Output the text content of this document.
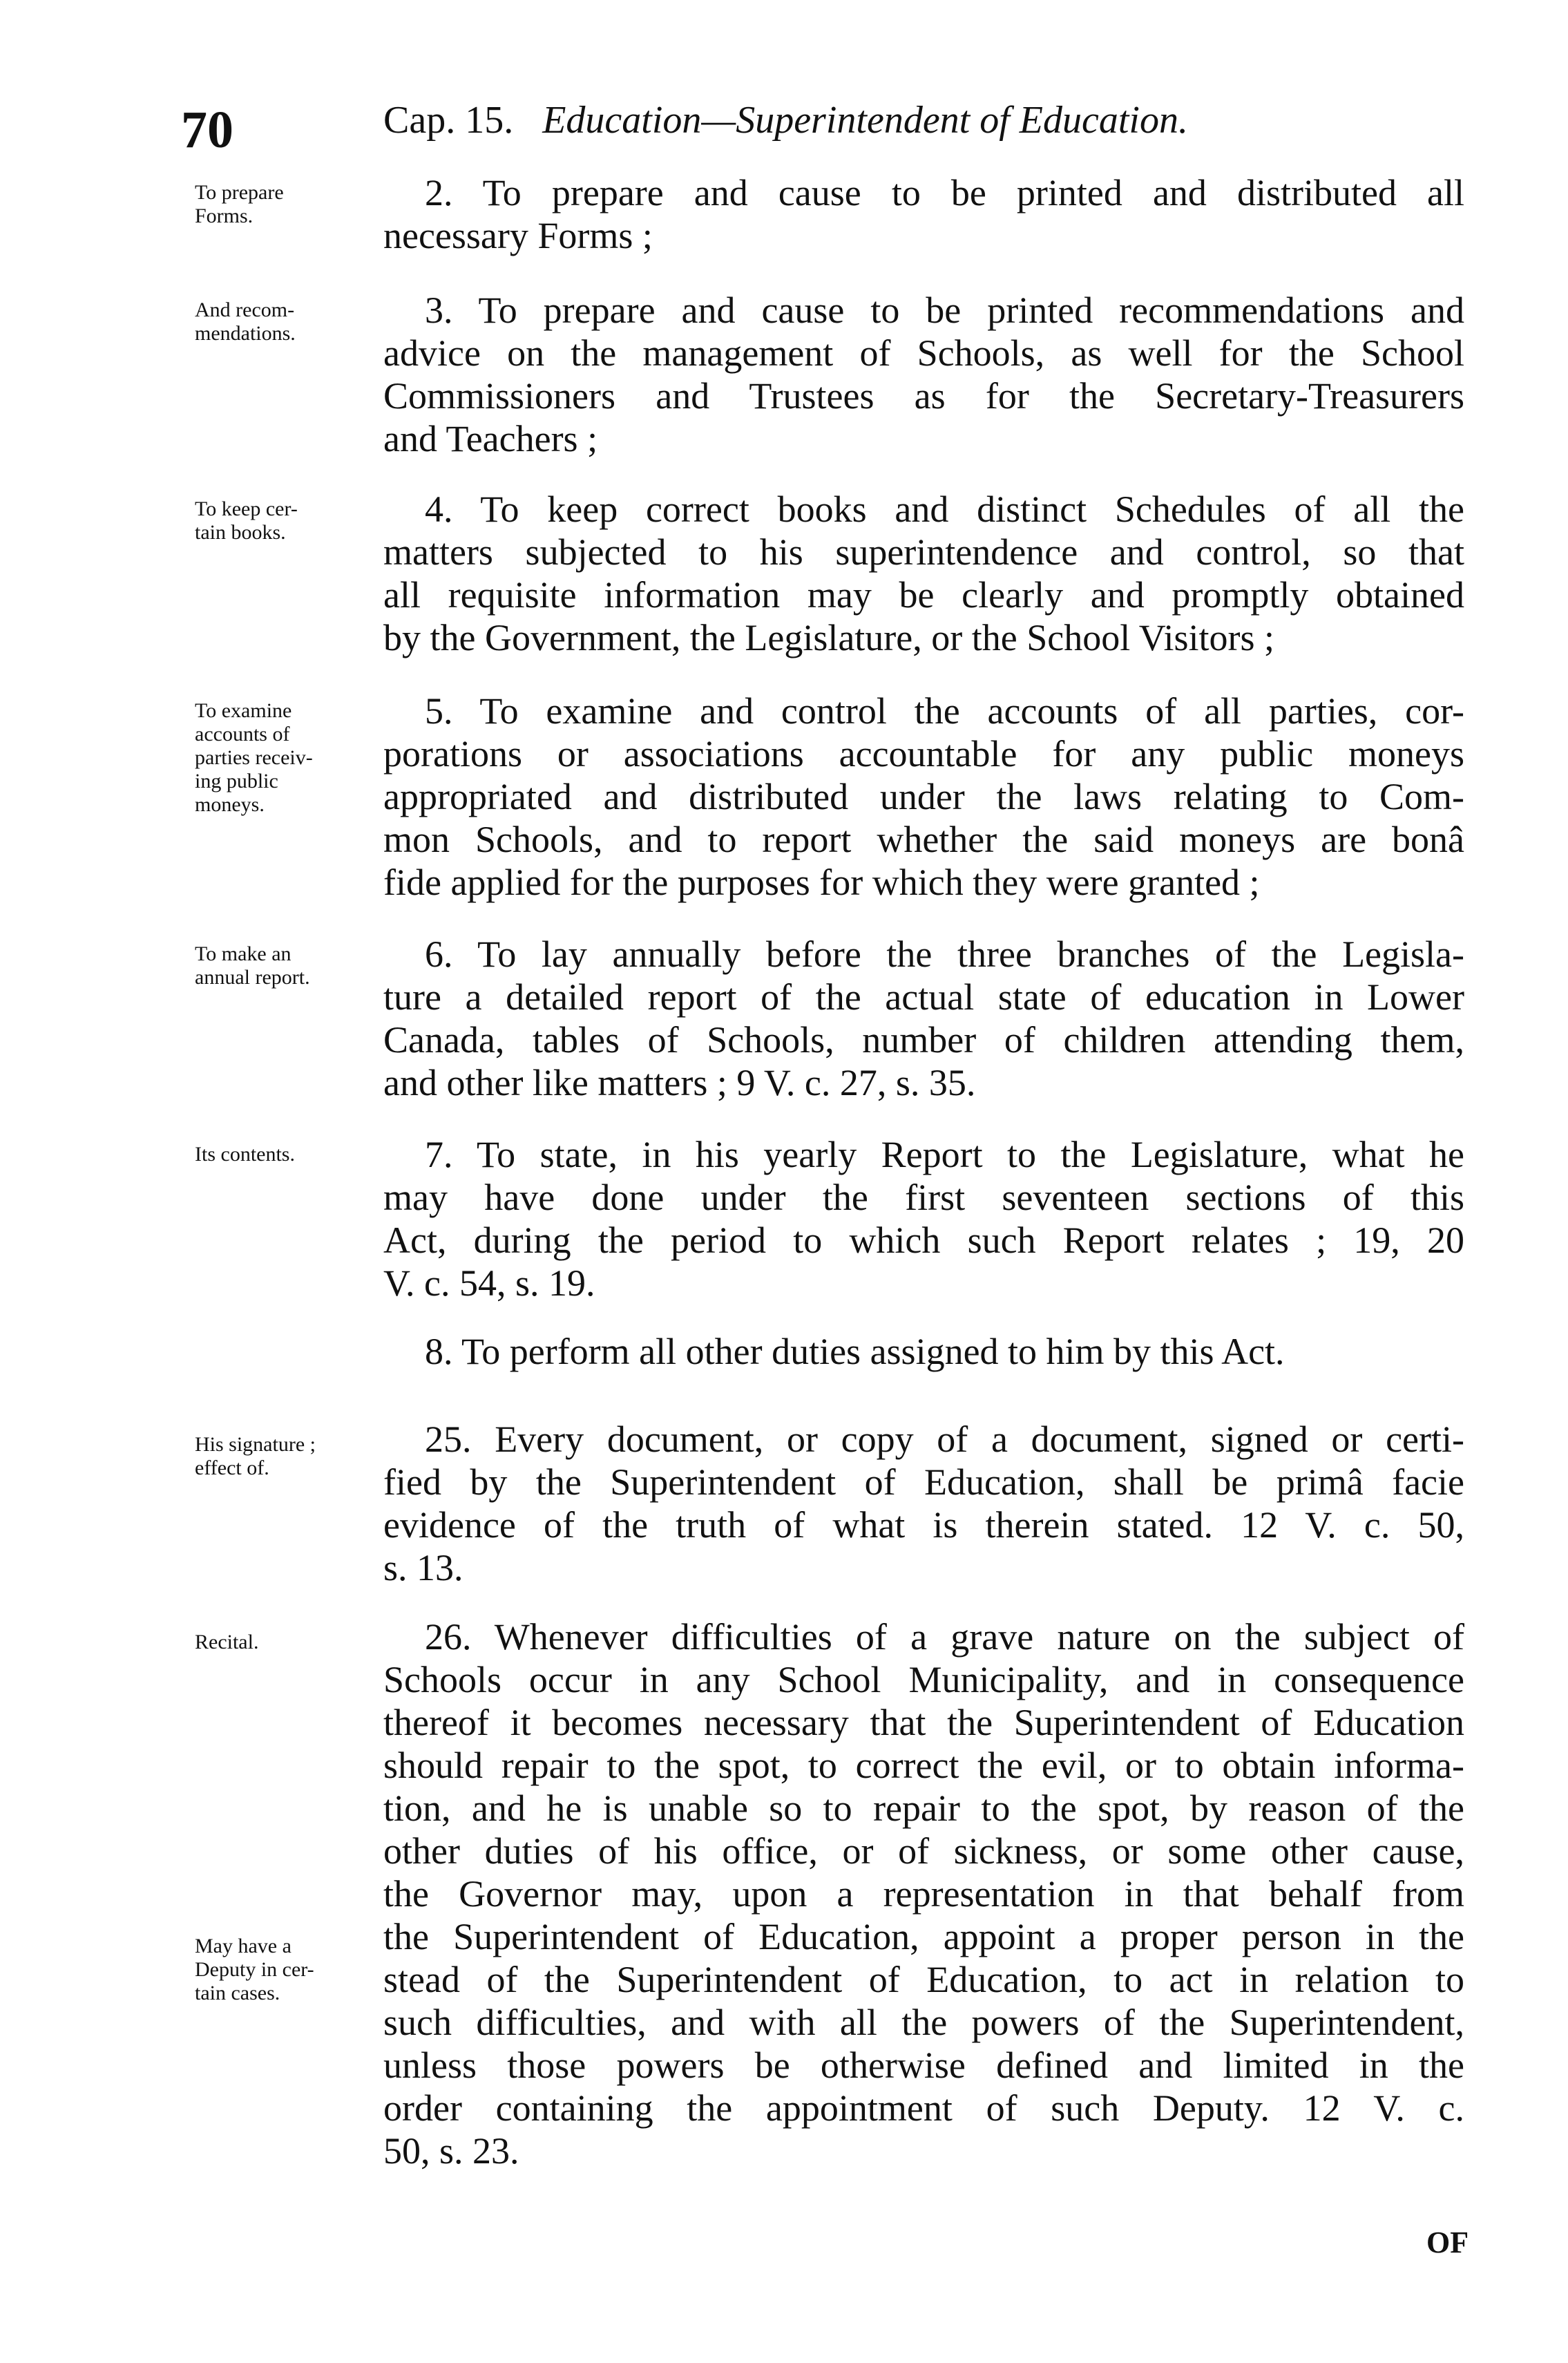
70	Cap. 15. Education—Superintendent of Education.
To prepare
Forms.
2. To prepare and cause to be printed and distributed all
necessary Forms ;
And recom-
mendations.
3. To prepare and cause to be printed recommendations and
advice on the management of Schools, as well for the School
Commissioners and Trustees as for the Secretary-Treasurers
and Teachers ;
To keep cer-
tain books.
4. To keep correct books and distinct Schedules of all the
matters subjected to his superintendence and control, so that
all requisite information may be clearly and promptly obtained
by the Government, the Legislature, or the School Visitors ;
To examine
accounts of
parties receiv-
ing public
moneys.
5. To examine and control the accounts of all parties, cor-
porations or associations accountable for any public moneys
appropriated and distributed under the laws relating to Com-
mon Schools, and to report whether the said moneys are bonâ
fide applied for the purposes for which they were granted ;
To make an
annual report.
6. To lay annually before the three branches of the Legisla-
ture a detailed report of the actual state of education in Lower
Canada, tables of Schools, number of children attending them,
and other like matters ; 9 V. c. 27, s. 35.
Its contents.	7. To state, in his yearly Report to the Legislature, what he
may have done under the first seventeen sections of this
Act, during the period to which such Report relates ; 19, 20
V. c. 54, s. 19.
8. To perform all other duties assigned to him by this Act.
His signature ;
effect of.
25. Every document, or copy of a document, signed or certi-
fied by the Superintendent of Education, shall be primâ facie
evidence of the truth of what is therein stated. 12 V. c. 50,
s. 13.
Recital.
May have a
Deputy in cer-
tain cases.
26. Whenever difficulties of a grave nature on the subject of
Schools occur in any School Municipality, and in consequence
thereof it becomes necessary that the Superintendent of Education
should repair to the spot, to correct the evil, or to obtain informa-
tion, and he is unable so to repair to the spot, by reason of the
other duties of his office, or of sickness, or some other cause,
the Governor may, upon a representation in that behalf from
the Superintendent of Education, appoint a proper person in the
stead of the Superintendent of Education, to act in relation to
such difficulties, and with all the powers of the Superintendent,
unless those powers be otherwise defined and limited in the
order containing the appointment of such Deputy. 12 V. c.
50, s. 23.
OF
